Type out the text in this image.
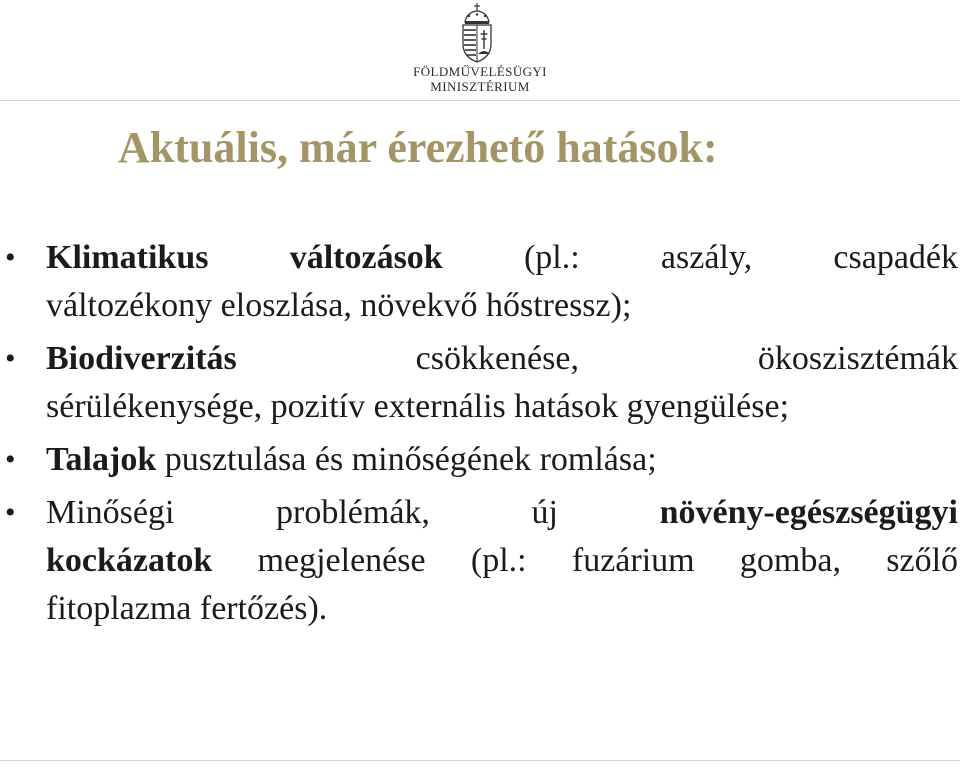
FÖLDMŰVELÉSÜGYI
MINISZTÉRIUM
Aktuális, már érezhető hatások:
• Klimatikus változások (pl.: aszály, csapadék
változékony eloszlása, növekvő hőstressz);
• Biodiverzitás	csökkenése, ökoszisztémák
sérülékenysége, pozitív externális hatások gyengülése;
• Talajok pusztulása és minőségének romlása;
• Minőségi problémák, új	növény-egészségügyi
kockázatok megjelenése (pl.: fuzárium gomba, szőlő
fitoplazma fertőzés).
